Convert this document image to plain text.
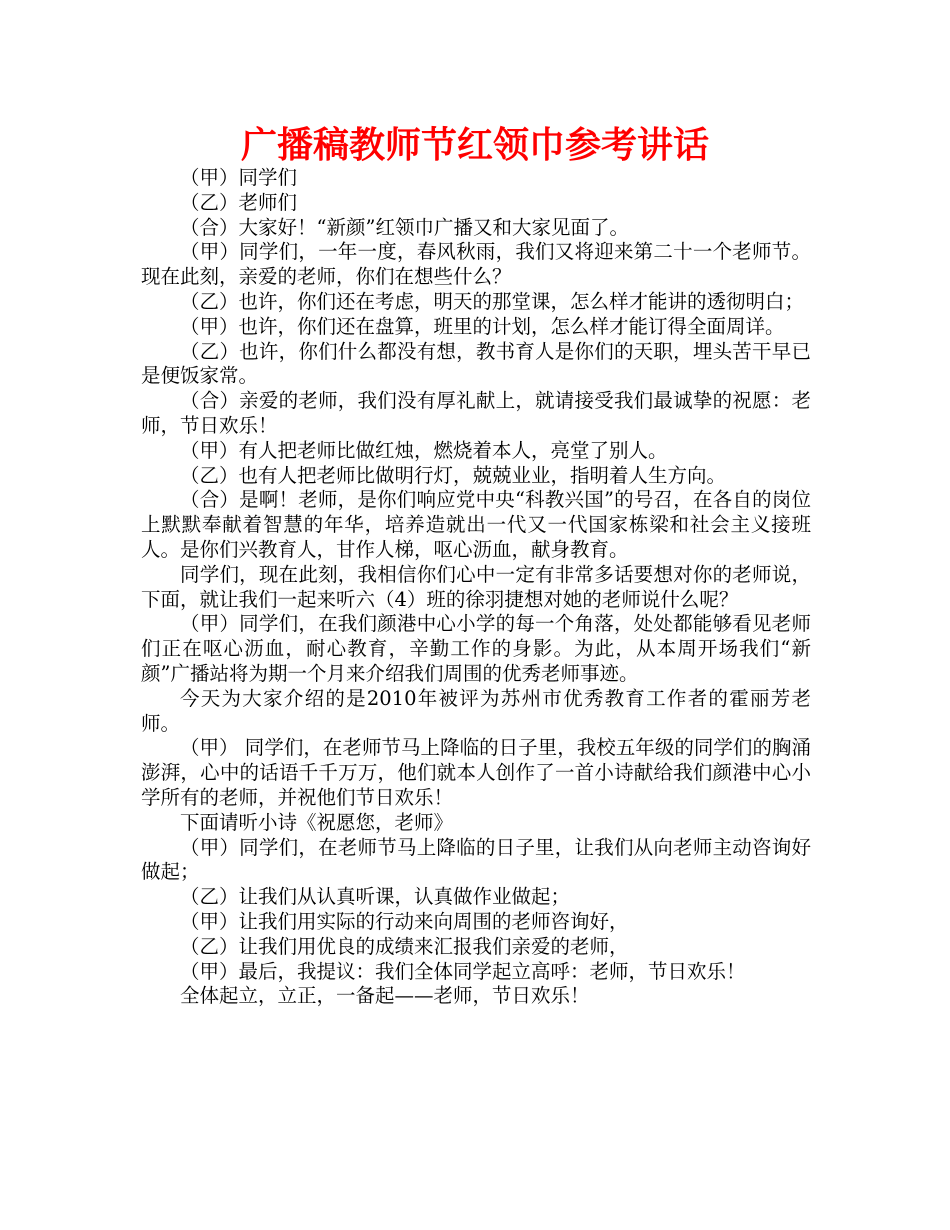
广播稿教师节红领巾参考讲话

（甲）同学们

（乙）老师们

（合）大家好！“新颜”红领巾广播又和大家见面了。

（甲）同学们，一年一度，春风秋雨，我们又将迎来第二十一个老师节。 现在此刻，亲爱的老师，你们在想些什么？

（乙）也许，你们还在考虑，明天的那堂课，怎么样才能讲的透彻明白；

（甲）也许，你们还在盘算，班里的计划，怎么样才能订得全面周详。

（乙）也许，你们什么都没有想，教书育人是你们的天职，埋头苦干早已是便饭家常。

（合）亲爱的老师，我们没有厚礼献上，就请接受我们最诚挚的祝愿：老师，节日欢乐！

（甲）有人把老师比做红烛，燃烧着本人，亮堂了别人。

（乙）也有人把老师比做明行灯，兢兢业业，指明着人生方向。

（合）是啊！老师，是你们响应党中央“科教兴国”的号召，在各自的岗位上默默奉献着智慧的年华，培养造就出一代又一代国家栋梁和社会主义接班人。是你们兴教育人，甘作人梯，呕心沥血，献身教育。

同学们，现在此刻，我相信你们心中一定有非常多话要想对你的老师说，下面，就让我们一起来听六（4）班的徐羽捷想对她的老师说什么呢？

（甲）同学们，在我们颜港中心小学的每一个角落，处处都能够看见老师们正在呕心沥血，耐心教育，辛勤工作的身影。为此，从本周开场我们“新颜”广播站将为期一个月来介绍我们周围的优秀老师事迹。

今天为大家介绍的是2010年被评为苏州市优秀教育工作者的霍丽芳老师。

（甲） 同学们，在老师节马上降临的日子里，我校五年级的同学们的胸涌澎湃，心中的话语千千万万，他们就本人创作了一首小诗献给我们颜港中心小学所有的老师，并祝他们节日欢乐！

下面请听小诗《祝愿您，老师》

（甲）同学们，在老师节马上降临的日子里，让我们从向老师主动咨询好做起；

（乙）让我们从认真听课，认真做作业做起；

（甲）让我们用实际的行动来向周围的老师咨询好，

（乙）让我们用优良的成绩来汇报我们亲爱的老师，

（甲）最后，我提议：我们全体同学起立高呼：老师，节日欢乐！

全体起立，立正，一备起——老师，节日欢乐！
